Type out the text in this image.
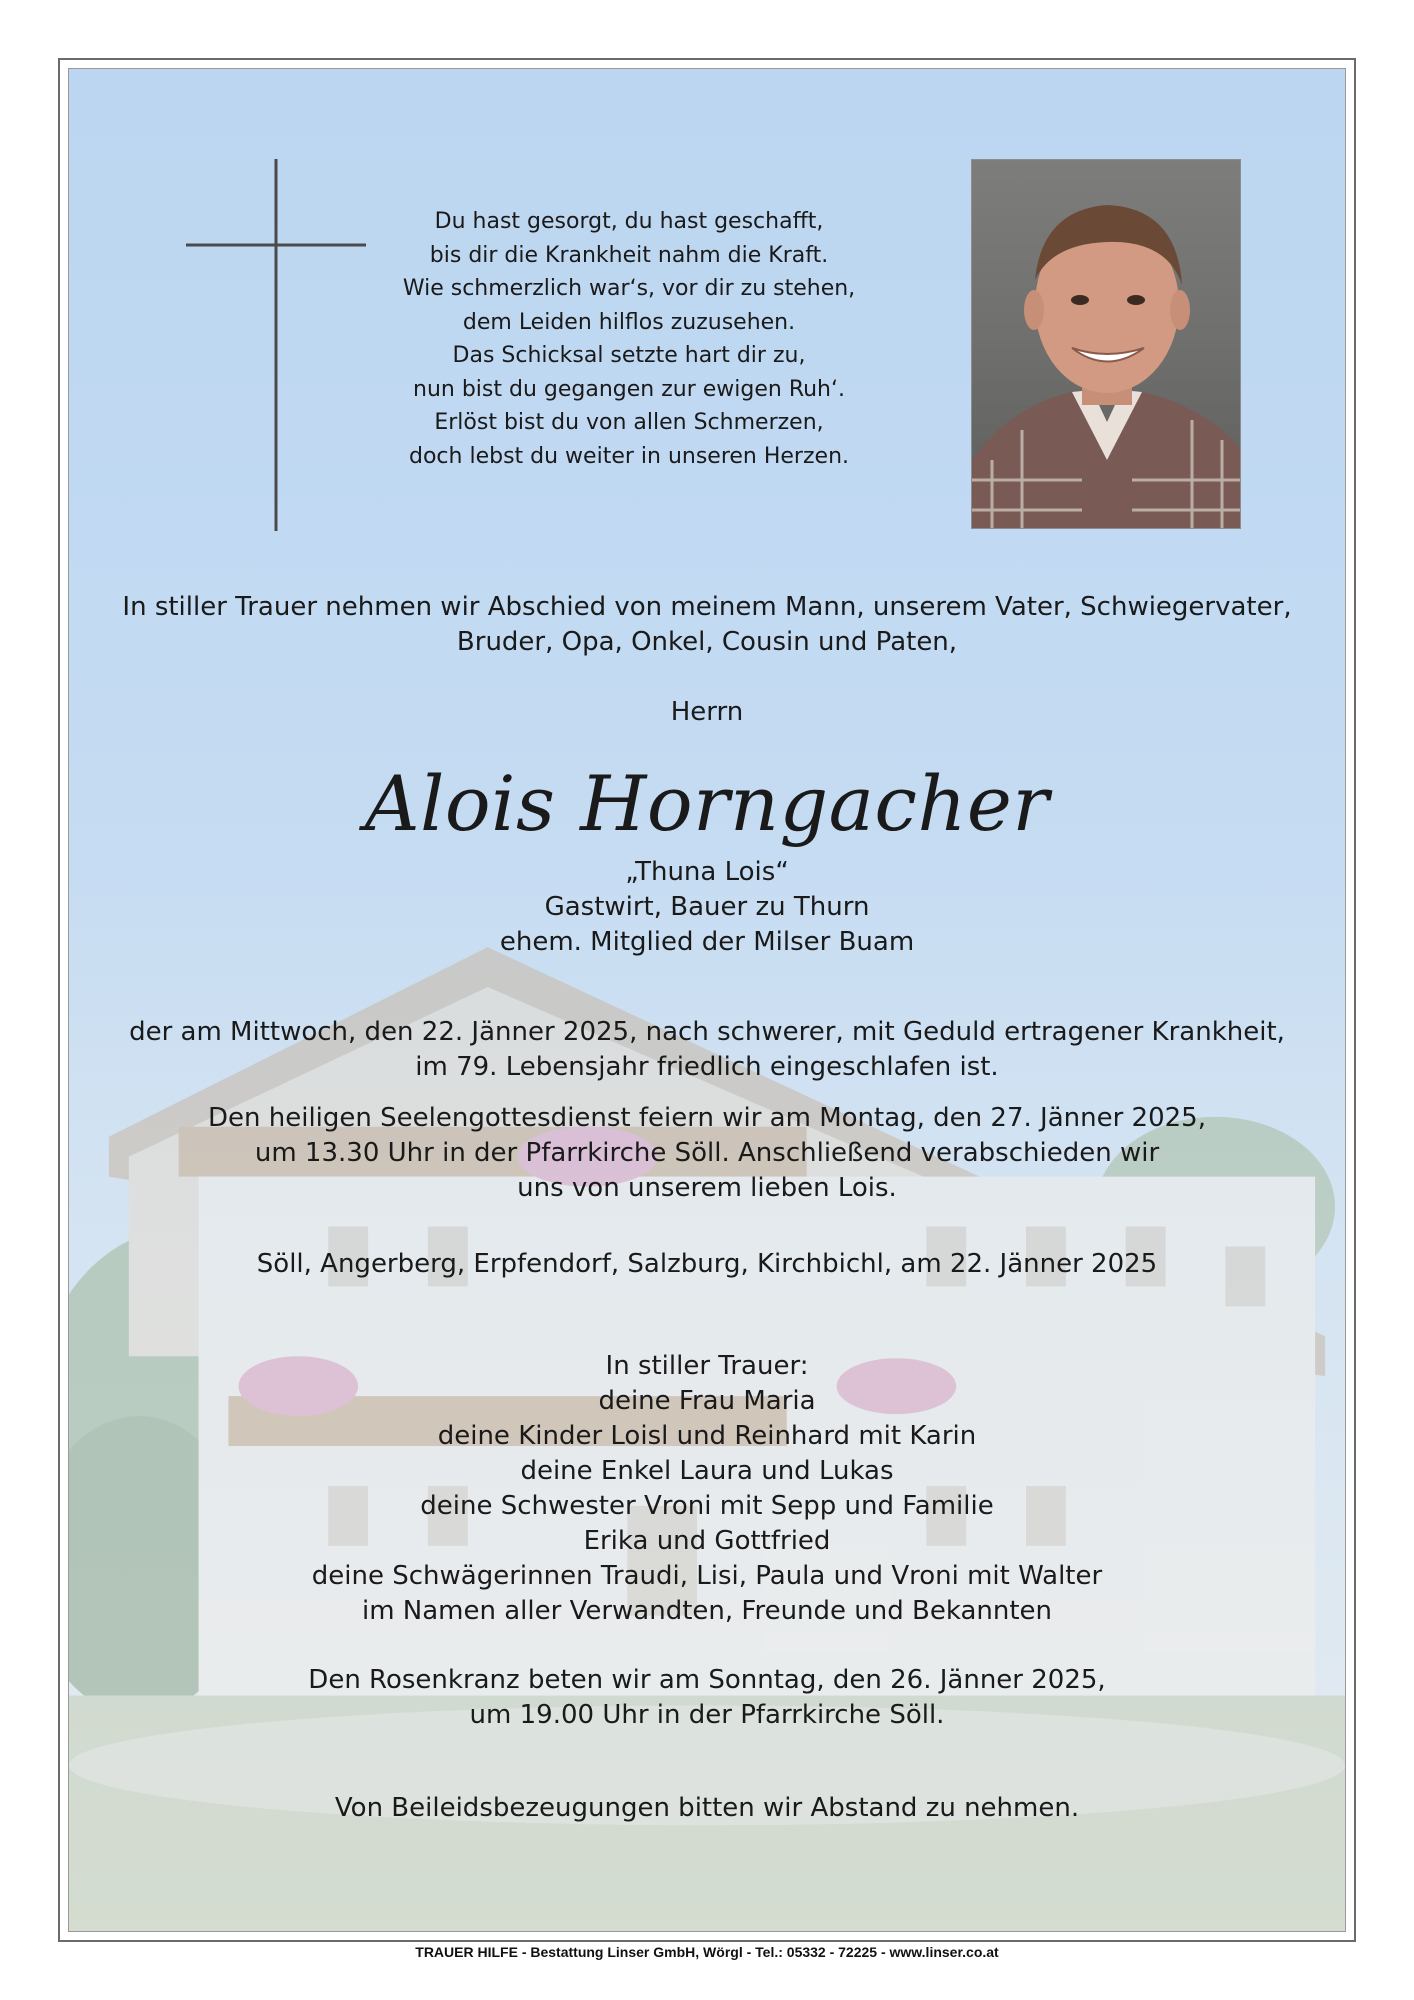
Du hast gesorgt, du hast geschafft,

bis dir die Krankheit nahm die Kraft.

Wie schmerzlich war‘s, vor dir zu stehen,

dem Leiden hilflos zuzusehen.

Das Schicksal setzte hart dir zu,

nun bist du gegangen zur ewigen Ruh‘.

Erlöst bist du von allen Schmerzen,

doch lebst du weiter in unseren Herzen.

In stiller Trauer nehmen wir Abschied von meinem Mann, unserem Vater, Schwiegervater,

Bruder, Opa, Onkel, Cousin und Paten,

Herrn
Alois Horngacher

„Thuna Lois“

Gastwirt, Bauer zu Thurn

ehem. Mitglied der Milser Buam

der am Mittwoch, den 22. Jänner 2025, nach schwerer, mit Geduld ertragener Krankheit,

im 79. Lebensjahr friedlich eingeschlafen ist.

Den heiligen Seelengottesdienst feiern wir am Montag, den 27. Jänner 2025,

um 13.30 Uhr in der Pfarrkirche Söll. Anschließend verabschieden wir

uns von unserem lieben Lois.

Söll, Angerberg, Erpfendorf, Salzburg, Kirchbichl, am 22. Jänner 2025

In stiller Trauer:

deine Frau Maria

deine Kinder Loisl und Reinhard mit Karin

deine Enkel Laura und Lukas

deine Schwester Vroni mit Sepp und Familie

Erika und Gottfried

deine Schwägerinnen Traudi, Lisi, Paula und Vroni mit Walter

im Namen aller Verwandten, Freunde und Bekannten

Den Rosenkranz beten wir am Sonntag, den 26. Jänner 2025,

um 19.00 Uhr in der Pfarrkirche Söll.

Von Beileidsbezeugungen bitten wir Abstand zu nehmen.
TRAUER HILFE - Bestattung Linser GmbH, Wörgl - Tel.: 05332 - 72225 - www.linser.co.at
